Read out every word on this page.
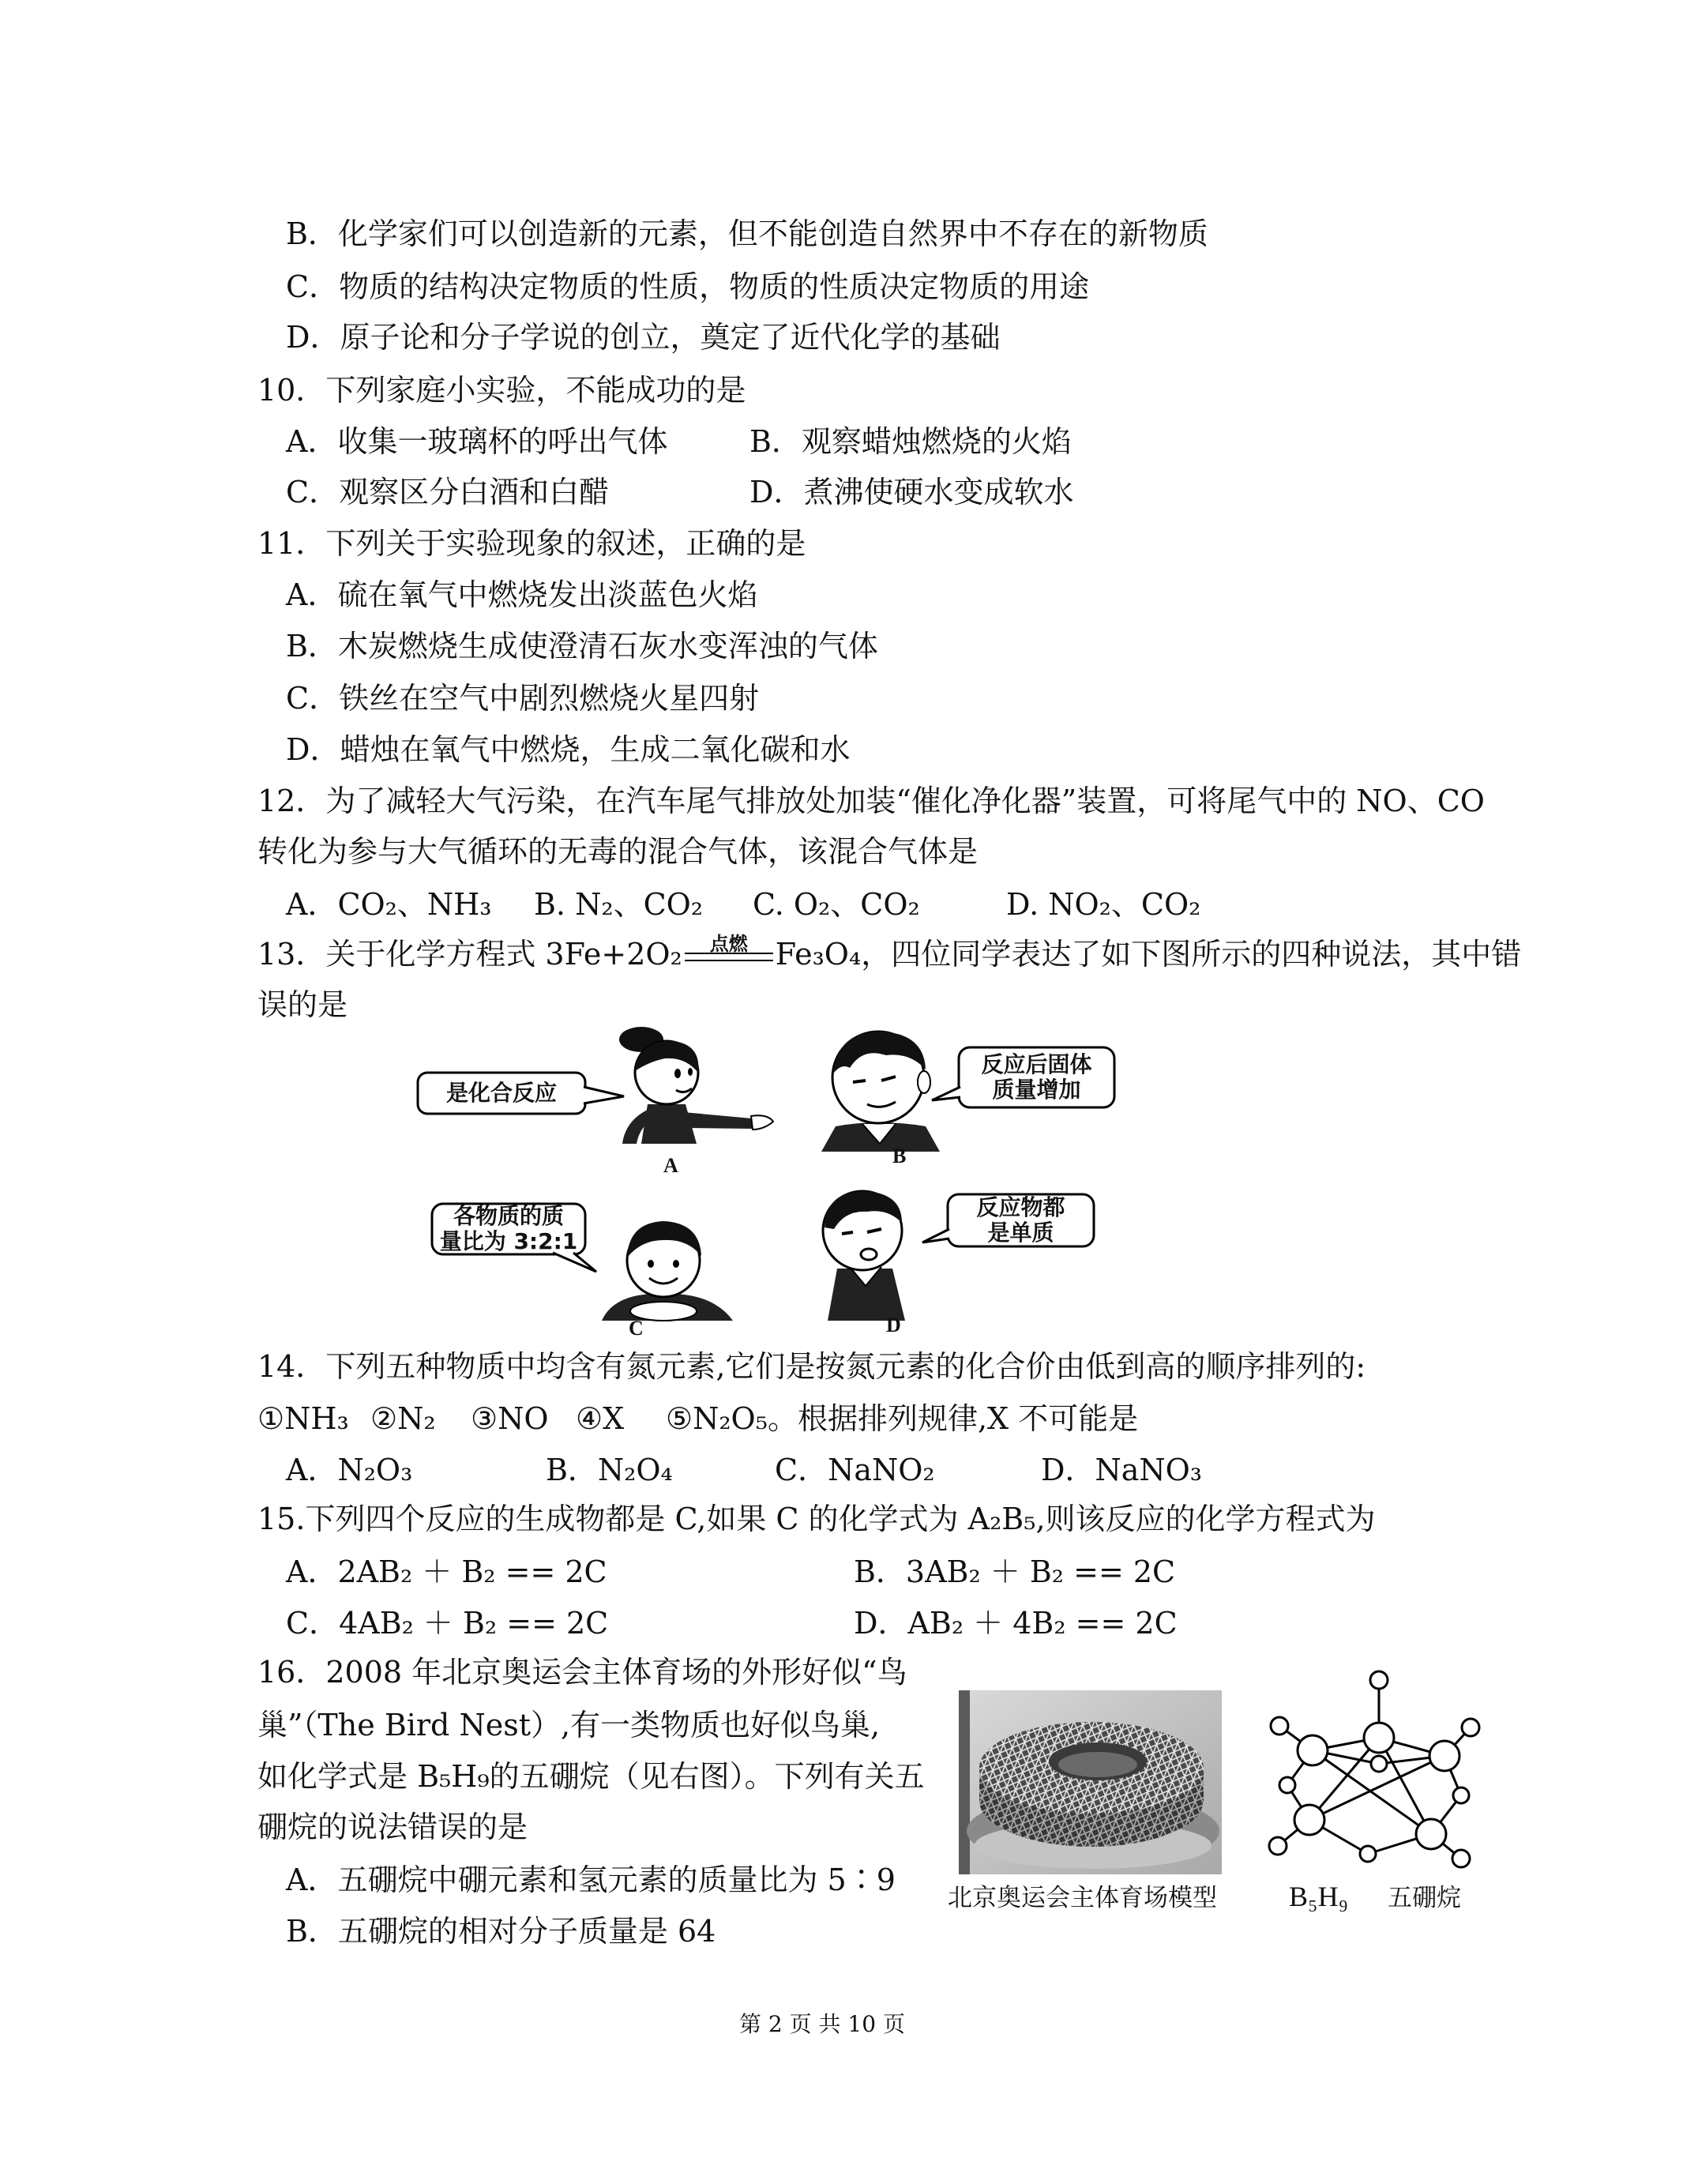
B．化学家们可以创造新的元素，但不能创造自然界中不存在的新物质
C．物质的结构决定物质的性质，物质的性质决定物质的用途
D．原子论和分子学说的创立，奠定了近代化学的基础
10．下列家庭小实验，不能成功的是
A．收集一玻璃杯的呼出气体	B．观察蜡烛燃烧的火焰
C．观察区分白酒和白醋	D．煮沸使硬水变成软水
11．下列关于实验现象的叙述，正确的是
A．硫在氧气中燃烧发出淡蓝色火焰
B．木炭燃烧生成使澄清石灰水变浑浊的气体
C．铁丝在空气中剧烈燃烧火星四射
D．蜡烛在氧气中燃烧，生成二氧化碳和水
12．为了减轻大气污染，在汽车尾气排放处加装“催化净化器”装置，可将尾气中的 NO、CO
转化为参与大气循环的无毒的混合气体，该混合气体是
A．CO₂、NH₃ B. N₂、CO₂ C. O₂、CO₂	D. NO₂、CO₂
13．关于化学方程式 3Fe+2O₂	点燃 Fe₃O₄，四位同学表达了如下图所示的四种说法，其中错
误的是
是化合反应
A
反应后固体
质量增加
B
各物质的质
量比为 3:2:1
C
反应物都
是单质
D
14．下列五种物质中均含有氮元素,它们是按氮元素的化合价由低到高的顺序排列的:
①NH₃ ②N₂ ③NO ④X ⑤N₂O₅。根据排列规律,X 不可能是
A．N₂O₃	B．N₂O₄	C．NaNO₂	D．NaNO₃
15.下列四个反应的生成物都是 C,如果 C 的化学式为 A₂B₅,则该反应的化学方程式为
A．2AB₂ ＋ B₂ == 2C	B．3AB₂ ＋ B₂ == 2C
C．4AB₂ ＋ B₂ == 2C	D．AB₂ ＋ 4B₂ == 2C
16．2008 年北京奥运会主体育场的外形好似“鸟
巢”（The Bird Nest）,有一类物质也好似鸟巢,
如化学式是 B₅H₉的五硼烷（见右图）。下列有关五
硼烷的说法错误的是
A．五硼烷中硼元素和氢元素的质量比为 5∶9
B．五硼烷的相对分子质量是 64
北京奥运会主体育场模型	B₅H₉ 五硼烷
第 2 页 共 10 页
